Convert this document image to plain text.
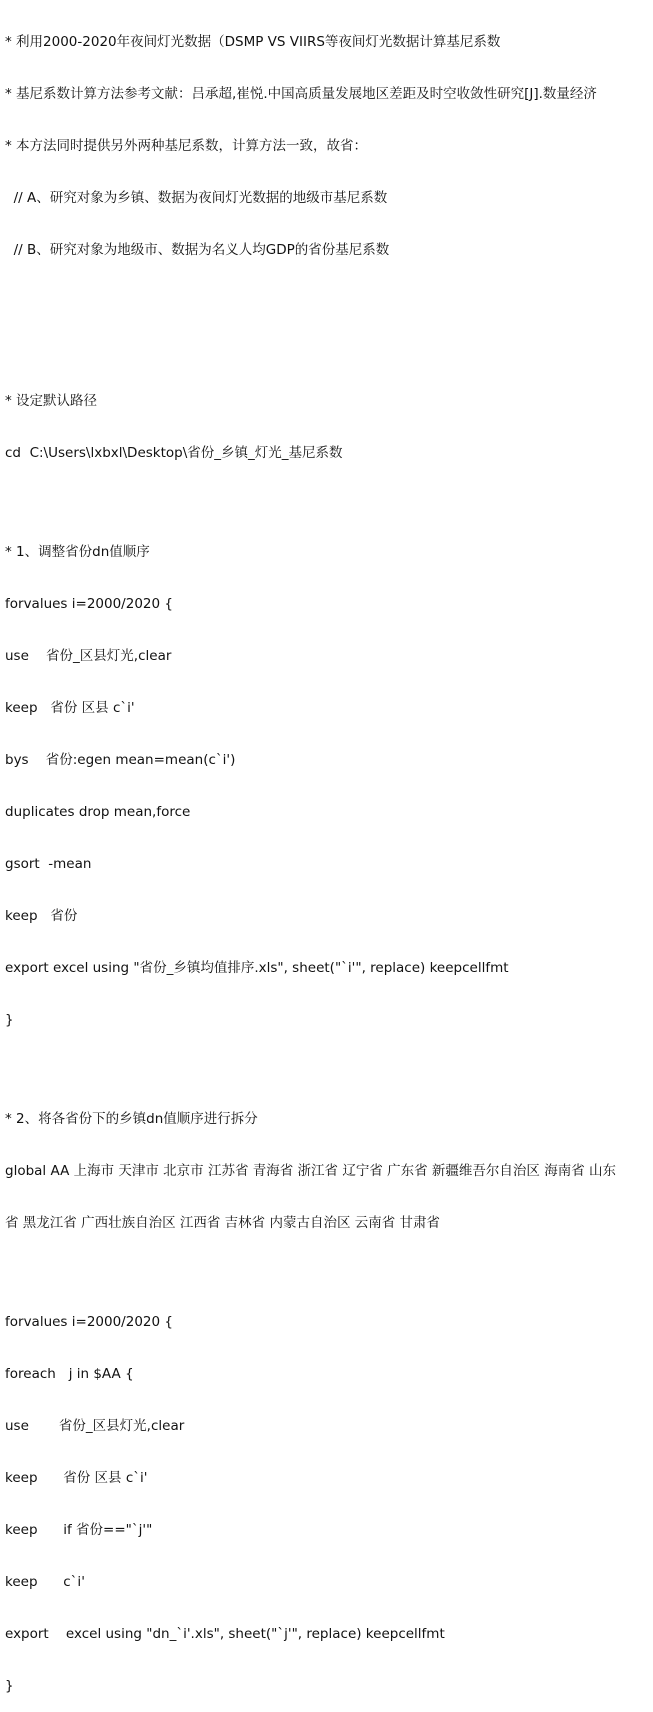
* 利用2000-2020年夜间灯光数据（DSMP VS VIIRS等夜间灯光数据计算基尼系数

* 基尼系数计算方法参考文献：吕承超,崔悦.中国高质量发展地区差距及时空收敛性研究[J].数量经济

* 本方法同时提供另外两种基尼系数，计算方法一致，故省：

// A、研究对象为乡镇、数据为夜间灯光数据的地级市基尼系数

// B、研究对象为地级市、数据为名义人均GDP的省份基尼系数

* 设定默认路径

cd  C:\Users\lxbxl\Desktop\省份_乡镇_灯光_基尼系数

* 1、调整省份dn值顺序

forvalues i=2000/2020 {

use    省份_区县灯光,clear

keep   省份 区县 c`i'

bys    省份:egen mean=mean(c`i')

duplicates drop mean,force

gsort  -mean

keep   省份

export excel using "省份_乡镇均值排序.xls", sheet("`i'", replace) keepcellfmt

}

* 2、将各省份下的乡镇dn值顺序进行拆分

global AA 上海市 天津市 北京市 江苏省 青海省 浙江省 辽宁省 广东省 新疆维吾尔自治区 海南省 山东

省 黑龙江省 广西壮族自治区 江西省 吉林省 内蒙古自治区 云南省 甘肃省

forvalues i=2000/2020 {

foreach   j in $AA {

use       省份_区县灯光,clear

keep      省份 区县 c`i'

keep      if 省份=="`j'"

keep      c`i'

export    excel using "dn_`i'.xls", sheet("`j'", replace) keepcellfmt

}
